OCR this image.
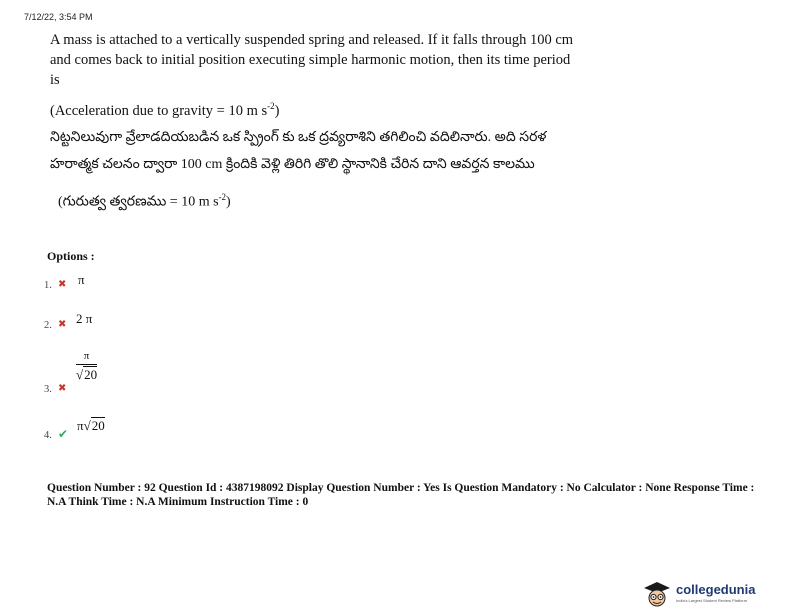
7/12/22, 3:54 PM
A mass is attached to a vertically suspended spring and released. If it falls through 100 cm and comes back to initial position executing simple harmonic motion, then its time period is
(Acceleration due to gravity = 10 m $s^{-2}$)
నిట్టనిలువుగా వ్రేలాడదియబడిన ఒక స్ప్రింగ్ కు ఒక ద్రవ్యరాశిని తగిలించి వదిలినారు. అది సరళ హరాత్మక చలనం ద్వారా 100 cm క్రిందికి వెళ్లి తిరిగి తొలి స్థానానికి చేరిన దాని ఆవర్తన కాలము
(గురుత్వ త్వరణము = 10 m $s^{-2}$)
Options :
1. ✖ π
2. ✖ 2 π
3. ✖
π
√20
4. ✔
π√20
Question Number : 92 Question Id : 4387198092 Display Question Number : Yes Is Question Mandatory : No Calculator : None Response Time : N.A Think Time : N.A Minimum Instruction Time : 0
collegedunia
India's Largest Student Review Platform
